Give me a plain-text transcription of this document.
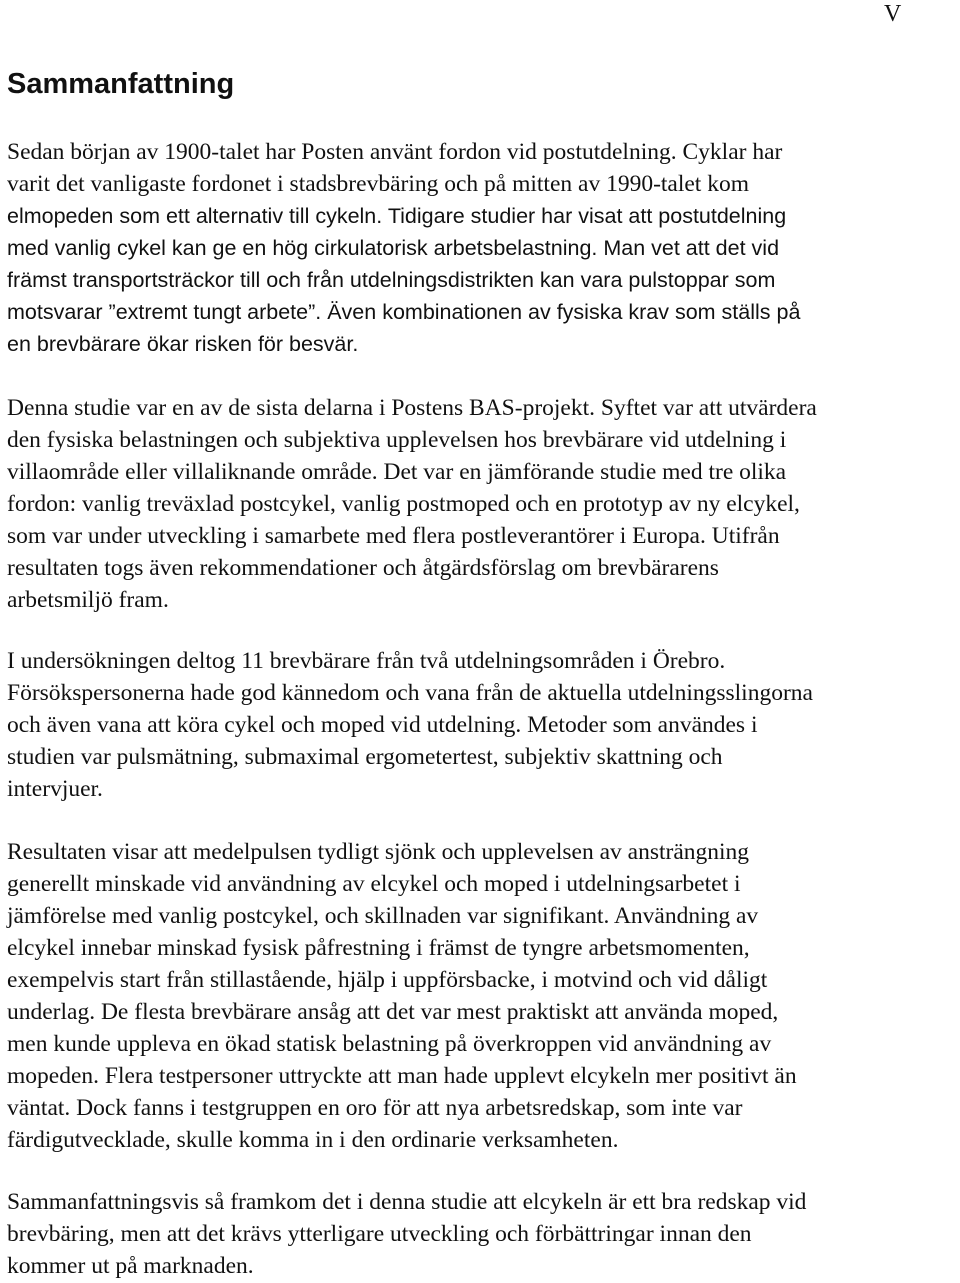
V
Sammanfattning

Sedan början av 1900-talet har Posten använt fordon vid postutdelning. Cyklar har
varit det vanligaste fordonet i stadsbrevbäring och på mitten av 1990-talet kom
elmopeden som ett alternativ till cykeln. Tidigare studier har visat att postutdelning
med vanlig cykel kan ge en hög cirkulatorisk arbetsbelastning. Man vet att det vid
främst transportsträckor till och från utdelningsdistrikten kan vara pulstoppar som
motsvarar ”extremt tungt arbete”. Även kombinationen av fysiska krav som ställs på
en brevbärare ökar risken för besvär.

Denna studie var en av de sista delarna i Postens BAS-projekt. Syftet var att utvärdera
den fysiska belastningen och subjektiva upplevelsen hos brevbärare vid utdelning i
villaområde eller villaliknande område. Det var en jämförande studie med tre olika
fordon: vanlig treväxlad postcykel, vanlig postmoped och en prototyp av ny elcykel,
som var under utveckling i samarbete med flera postleverantörer i Europa. Utifrån
resultaten togs även rekommendationer och åtgärdsförslag om brevbärarens
arbetsmiljö fram.

I undersökningen deltog 11 brevbärare från två utdelningsområden i Örebro.
Försökspersonerna hade god kännedom och vana från de aktuella utdelningsslingorna
och även vana att köra cykel och moped vid utdelning. Metoder som användes i
studien var pulsmätning, submaximal ergometertest, subjektiv skattning och
intervjuer.

Resultaten visar att medelpulsen tydligt sjönk och upplevelsen av ansträngning
generellt minskade vid användning av elcykel och moped i utdelningsarbetet i
jämförelse med vanlig postcykel, och skillnaden var signifikant. Användning av
elcykel innebar minskad fysisk påfrestning i främst de tyngre arbetsmomenten,
exempelvis start från stillastående, hjälp i uppförsbacke, i motvind och vid dåligt
underlag. De flesta brevbärare ansåg att det var mest praktiskt att använda moped,
men kunde uppleva en ökad statisk belastning på överkroppen vid användning av
mopeden. Flera testpersoner uttryckte att man hade upplevt elcykeln mer positivt än
väntat. Dock fanns i testgruppen en oro för att nya arbetsredskap, som inte var
färdigutvecklade, skulle komma in i den ordinarie verksamheten.

Sammanfattningsvis så framkom det i denna studie att elcykeln är ett bra redskap vid
brevbäring, men att det krävs ytterligare utveckling och förbättringar innan den
kommer ut på marknaden.
